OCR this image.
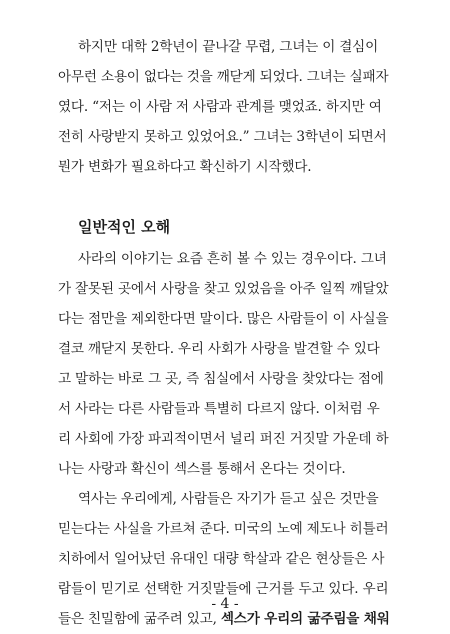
하지만 대학 2학년이 끝나갈 무렵, 그녀는 이 결심이

아무런 소용이 없다는 것을 깨닫게 되었다. 그녀는 실패자

였다. “저는 이 사람 저 사람과 관계를 맺었죠. 하지만 여

전히 사랑받지 못하고 있었어요.” 그녀는 3학년이 되면서

뭔가 변화가 필요하다고 확신하기 시작했다.

일반적인 오해

사라의 이야기는 요즘 흔히 볼 수 있는 경우이다. 그녀

가 잘못된 곳에서 사랑을 찾고 있었음을 아주 일찍 깨달았

다는 점만을 제외한다면 말이다. 많은 사람들이 이 사실을

결코 깨닫지 못한다. 우리 사회가 사랑을 발견할 수 있다

고 말하는 바로 그 곳, 즉 침실에서 사랑을 찾았다는 점에

서 사라는 다른 사람들과 특별히 다르지 않다. 이처럼 우

리 사회에 가장 파괴적이면서 널리 퍼진 거짓말 가운데 하

나는 사랑과 확신이 섹스를 통해서 온다는 것이다.

역사는 우리에게, 사람들은 자기가 듣고 싶은 것만을

믿는다는 사실을 가르쳐 준다. 미국의 노예 제도나 히틀러

치하에서 일어났던 유대인 대량 학살과 같은 현상들은 사

람들이 믿기로 선택한 거짓말들에 근거를 두고 있다. 우리

들은 친밀함에 굶주려 있고, 섹스가 우리의 굶주림을 채워

- 4 -
